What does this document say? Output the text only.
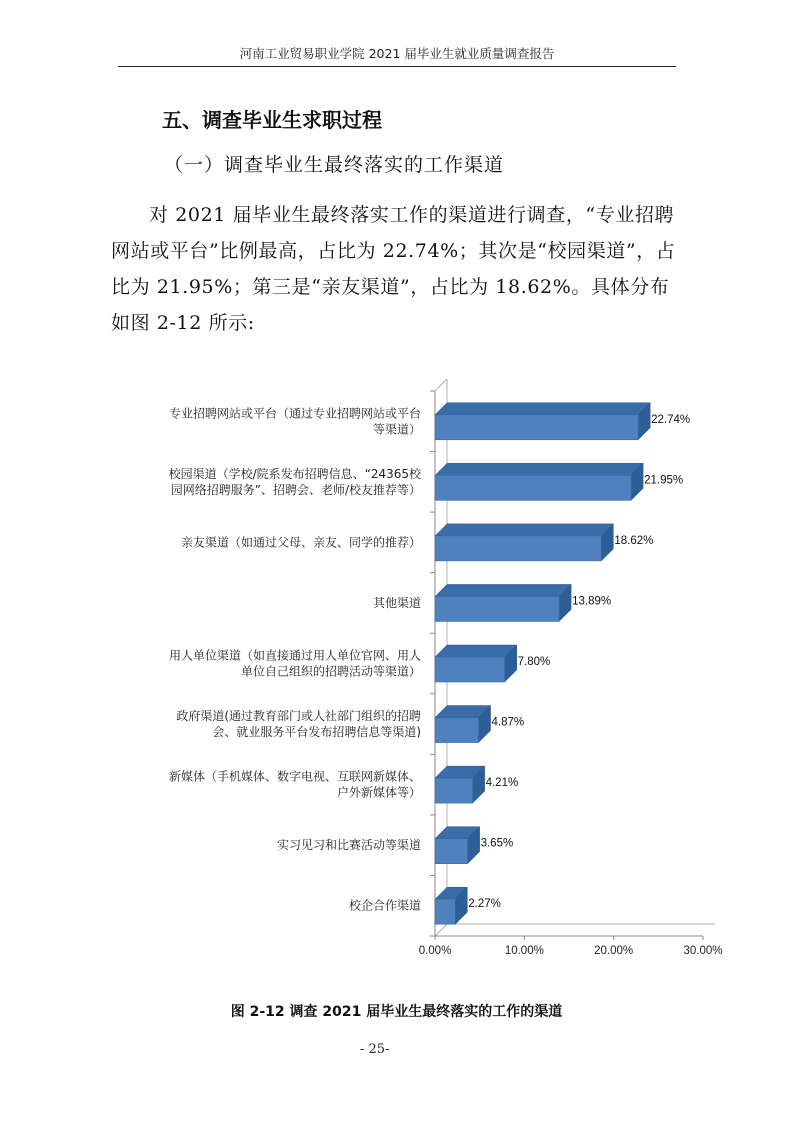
河南工业贸易职业学院 2021 届毕业生就业质量调查报告
五、调查毕业生求职过程
（一）调查毕业生最终落实的工作渠道
对 2021 届毕业生最终落实工作的渠道进行调查，“专业招聘网站或平台”比例最高，占比为 22.74%；其次是“校园渠道”，占比为 21.95%；第三是“亲友渠道”，占比为 18.62%。具体分布如图 2-12 所示:
0.00%	10.00%	20.00%	30.00%
22.74%
专业招聘网站或平台（通过专业招聘网站或平台
等渠道）
21.95%
校园渠道（学校/院系发布招聘信息、“24365校
园网络招聘服务”、招聘会、老师/校友推荐等）
18.62%
亲友渠道（如通过父母、亲友、同学的推荐）
13.89%
其他渠道
7.80%
用人单位渠道（如直接通过用人单位官网、用人
单位自己组织的招聘活动等渠道）
4.87%
政府渠道(通过教育部门或人社部门组织的招聘
会、就业服务平台发布招聘信息等渠道)
4.21%
新媒体（手机媒体、数字电视、互联网新媒体、
户外新媒体等）
3.65%
实习见习和比赛活动等渠道
2.27%
校企合作渠道
图 2-12 调查 2021 届毕业生最终落实的工作的渠道
- 25-
